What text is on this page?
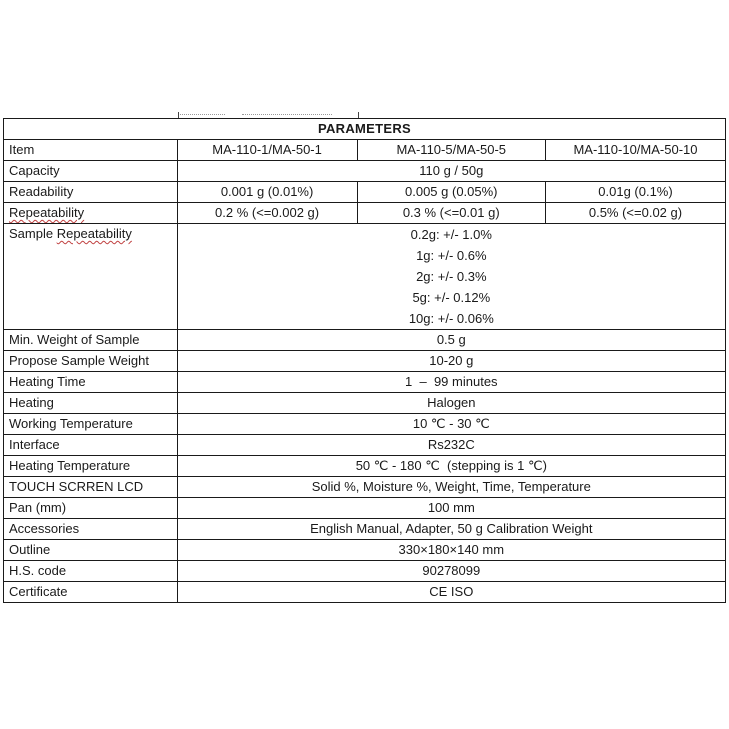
PARAMETERS			
Item	MA-110-1/MA-50-1	MA-110-5/MA-50-5	MA-110-10/MA-50-10
Capacity	110 g / 50g		
Readability	0.001 g (0.01%)	0.005 g (0.05%)	0.01g (0.1%)
Repeatability	0.2 % (<=0.002 g)	0.3 % (<=0.01 g)	0.5% (<=0.02 g)
Sample Repeatability	0.2g: +/- 1.0%
1g: +/- 0.6%
2g: +/- 0.3%
5g: +/- 0.12%
10g: +/- 0.06%		

Min. Weight of Sample	0.5 g		
Propose Sample Weight	10-20 g		
Heating Time	1  –  99 minutes		
Heating	Halogen		
Working Temperature	10 ℃ - 30 ℃		
Interface	Rs232C		
Heating Temperature	50 ℃ - 180 ℃  (stepping is 1 ℃)		
TOUCH SCRREN LCD	Solid %, Moisture %, Weight, Time, Temperature		
Pan (mm)	100 mm		
Accessories	English Manual, Adapter, 50 g Calibration Weight		
Outline	330×180×140 mm		
H.S. code	90278099		
Certificate	CE ISO		
